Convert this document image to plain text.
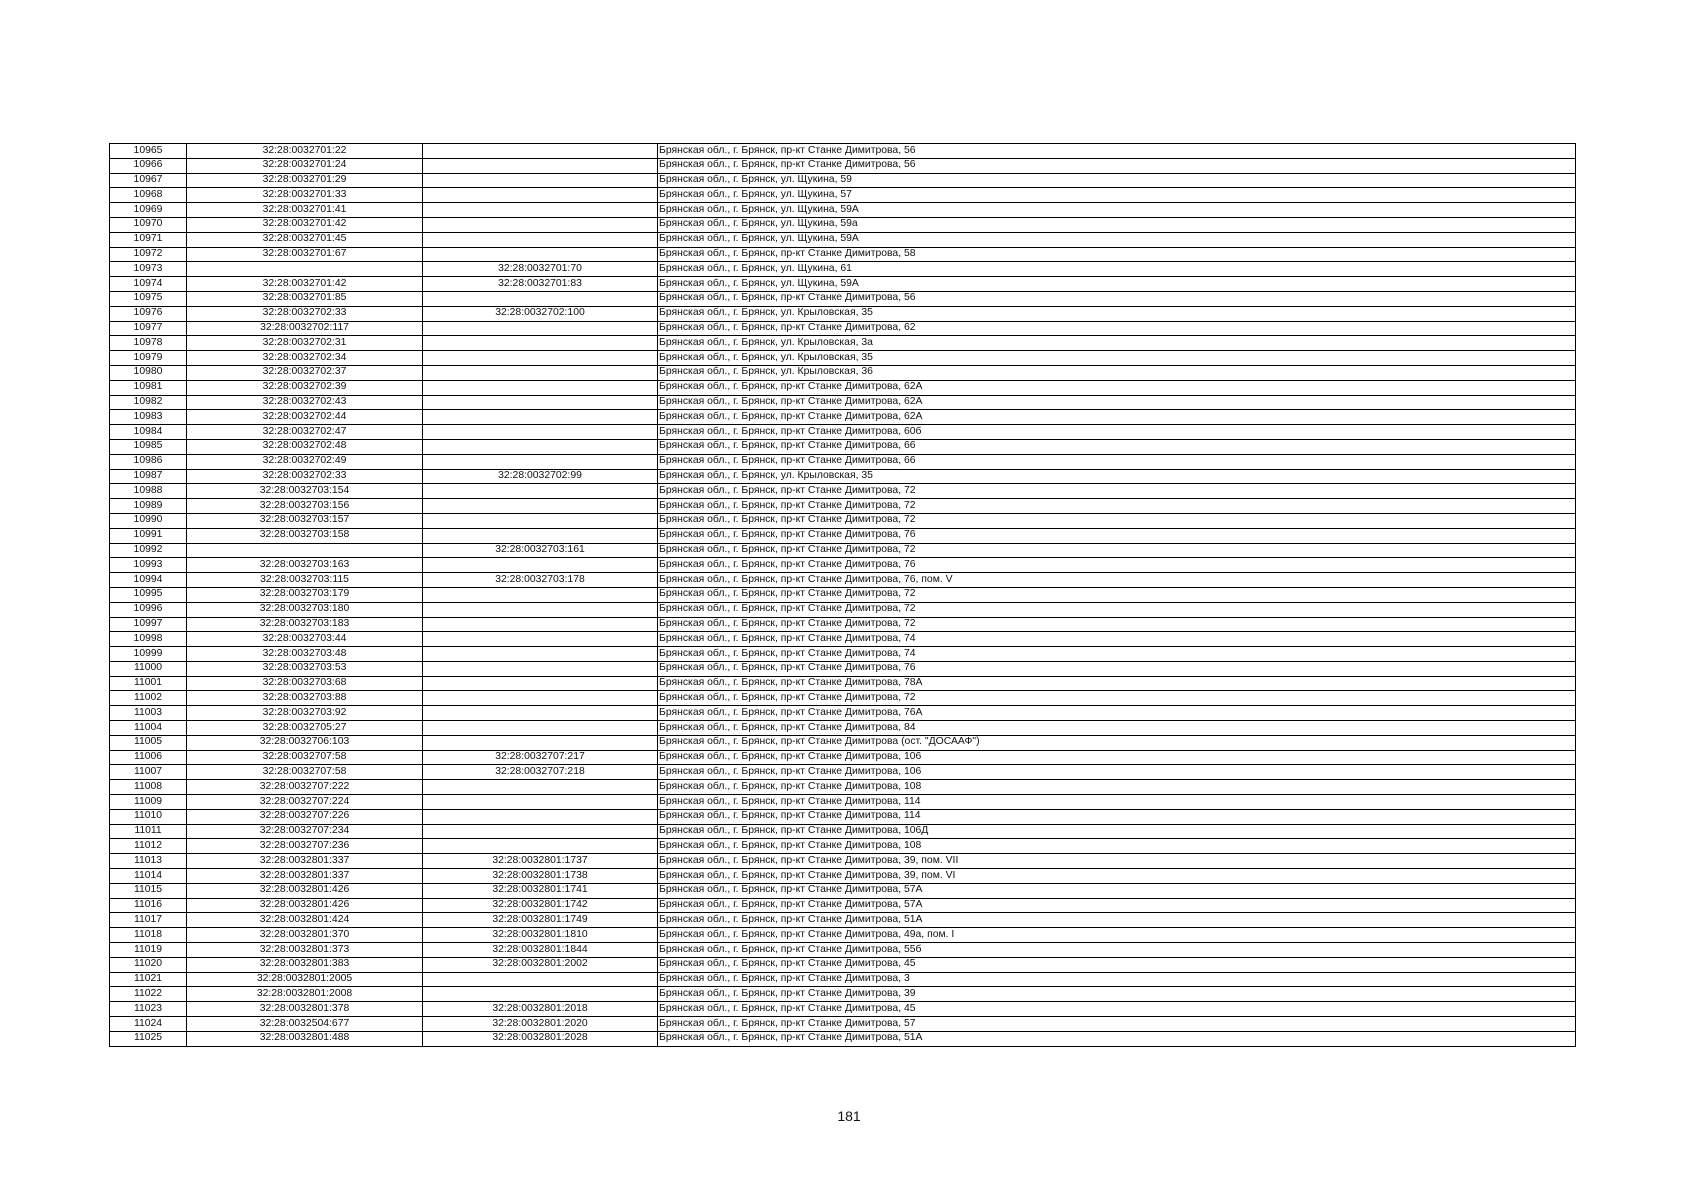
10965	32:28:0032701:22		Брянская обл., г. Брянск, пр-кт Станке Димитрова, 56
10966	32:28:0032701:24		Брянская обл., г. Брянск, пр-кт Станке Димитрова, 56
10967	32:28:0032701:29		Брянская обл., г. Брянск, ул. Щукина, 59
10968	32:28:0032701:33		Брянская обл., г. Брянск, ул. Щукина, 57
10969	32:28:0032701:41		Брянская обл., г. Брянск, ул. Щукина, 59А
10970	32:28:0032701:42		Брянская обл., г. Брянск, ул. Щукина, 59а
10971	32:28:0032701:45		Брянская обл., г. Брянск, ул. Щукина, 59А
10972	32:28:0032701:67		Брянская обл., г. Брянск, пр-кт Станке Димитрова, 58
10973		32:28:0032701:70	Брянская обл., г. Брянск, ул. Щукина, 61
10974	32:28:0032701:42	32:28:0032701:83	Брянская обл., г. Брянск, ул. Щукина, 59А
10975	32:28:0032701:85		Брянская обл., г. Брянск, пр-кт Станке Димитрова, 56
10976	32:28:0032702:33	32:28:0032702:100	Брянская обл., г. Брянск, ул. Крыловская, 35
10977	32:28:0032702:117		Брянская обл., г. Брянск, пр-кт Станке Димитрова, 62
10978	32:28:0032702:31		Брянская обл., г. Брянск, ул. Крыловская, 3а
10979	32:28:0032702:34		Брянская обл., г. Брянск, ул. Крыловская, 35
10980	32:28:0032702:37		Брянская обл., г. Брянск, ул. Крыловская, 36
10981	32:28:0032702:39		Брянская обл., г. Брянск, пр-кт Станке Димитрова, 62А
10982	32:28:0032702:43		Брянская обл., г. Брянск, пр-кт Станке Димитрова, 62А
10983	32:28:0032702:44		Брянская обл., г. Брянск, пр-кт Станке Димитрова, 62А
10984	32:28:0032702:47		Брянская обл., г. Брянск, пр-кт Станке Димитрова, 60б
10985	32:28:0032702:48		Брянская обл., г. Брянск, пр-кт Станке Димитрова, 66
10986	32:28:0032702:49		Брянская обл., г. Брянск, пр-кт Станке Димитрова, 66
10987	32:28:0032702:33	32:28:0032702:99	Брянская обл., г. Брянск, ул. Крыловская, 35
10988	32:28:0032703:154		Брянская обл., г. Брянск, пр-кт Станке Димитрова, 72
10989	32:28:0032703:156		Брянская обл., г. Брянск, пр-кт Станке Димитрова, 72
10990	32:28:0032703:157		Брянская обл., г. Брянск, пр-кт Станке Димитрова, 72
10991	32:28:0032703:158		Брянская обл., г. Брянск, пр-кт Станке Димитрова, 76
10992		32:28:0032703:161	Брянская обл., г. Брянск, пр-кт Станке Димитрова, 72
10993	32:28:0032703:163		Брянская обл., г. Брянск, пр-кт Станке Димитрова, 76
10994	32:28:0032703:115	32:28:0032703:178	Брянская обл., г. Брянск, пр-кт Станке Димитрова, 76, пом. V
10995	32:28:0032703:179		Брянская обл., г. Брянск, пр-кт Станке Димитрова, 72
10996	32:28:0032703:180		Брянская обл., г. Брянск, пр-кт Станке Димитрова, 72
10997	32:28:0032703:183		Брянская обл., г. Брянск, пр-кт Станке Димитрова, 72
10998	32:28:0032703:44		Брянская обл., г. Брянск, пр-кт Станке Димитрова, 74
10999	32:28:0032703:48		Брянская обл., г. Брянск, пр-кт Станке Димитрова, 74
11000	32:28:0032703:53		Брянская обл., г. Брянск, пр-кт Станке Димитрова, 76
11001	32:28:0032703:68		Брянская обл., г. Брянск, пр-кт Станке Димитрова, 78А
11002	32:28:0032703:88		Брянская обл., г. Брянск, пр-кт Станке Димитрова, 72
11003	32:28:0032703:92		Брянская обл., г. Брянск, пр-кт Станке Димитрова, 76А
11004	32:28:0032705:27		Брянская обл., г. Брянск, пр-кт Станке Димитрова, 84
11005	32:28:0032706:103		Брянская обл., г. Брянск, пр-кт Станке Димитрова (ост. "ДОСААФ")
11006	32:28:0032707:58	32:28:0032707:217	Брянская обл., г. Брянск, пр-кт Станке Димитрова, 106
11007	32:28:0032707:58	32:28:0032707:218	Брянская обл., г. Брянск, пр-кт Станке Димитрова, 106
11008	32:28:0032707:222		Брянская обл., г. Брянск, пр-кт Станке Димитрова, 108
11009	32:28:0032707:224		Брянская обл., г. Брянск, пр-кт Станке Димитрова, 114
11010	32:28:0032707:226		Брянская обл., г. Брянск, пр-кт Станке Димитрова, 114
11011	32:28:0032707:234		Брянская обл., г. Брянск, пр-кт Станке Димитрова, 106Д
11012	32:28:0032707:236		Брянская обл., г. Брянск, пр-кт Станке Димитрова, 108
11013	32:28:0032801:337	32:28:0032801:1737	Брянская обл., г. Брянск, пр-кт Станке Димитрова, 39, пом. VII
11014	32:28:0032801:337	32:28:0032801:1738	Брянская обл., г. Брянск, пр-кт Станке Димитрова, 39, пом. VI
11015	32:28:0032801:426	32:28:0032801:1741	Брянская обл., г. Брянск, пр-кт Станке Димитрова, 57А
11016	32:28:0032801:426	32:28:0032801:1742	Брянская обл., г. Брянск, пр-кт Станке Димитрова, 57А
11017	32:28:0032801:424	32:28:0032801:1749	Брянская обл., г. Брянск, пр-кт Станке Димитрова, 51А
11018	32:28:0032801:370	32:28:0032801:1810	Брянская обл., г. Брянск, пр-кт Станке Димитрова, 49а, пом. I
11019	32:28:0032801:373	32:28:0032801:1844	Брянская обл., г. Брянск, пр-кт Станке Димитрова, 55б
11020	32:28:0032801:383	32:28:0032801:2002	Брянская обл., г. Брянск, пр-кт Станке Димитрова, 45
11021	32:28:0032801:2005		Брянская обл., г. Брянск, пр-кт Станке Димитрова, 3
11022	32:28:0032801:2008		Брянская обл., г. Брянск, пр-кт Станке Димитрова, 39
11023	32:28:0032801:378	32:28:0032801:2018	Брянская обл., г. Брянск, пр-кт Станке Димитрова, 45
11024	32:28:0032504:677	32:28:0032801:2020	Брянская обл., г. Брянск, пр-кт Станке Димитрова, 57
11025	32:28:0032801:488	32:28:0032801:2028	Брянская обл., г. Брянск, пр-кт Станке Димитрова, 51А
181
